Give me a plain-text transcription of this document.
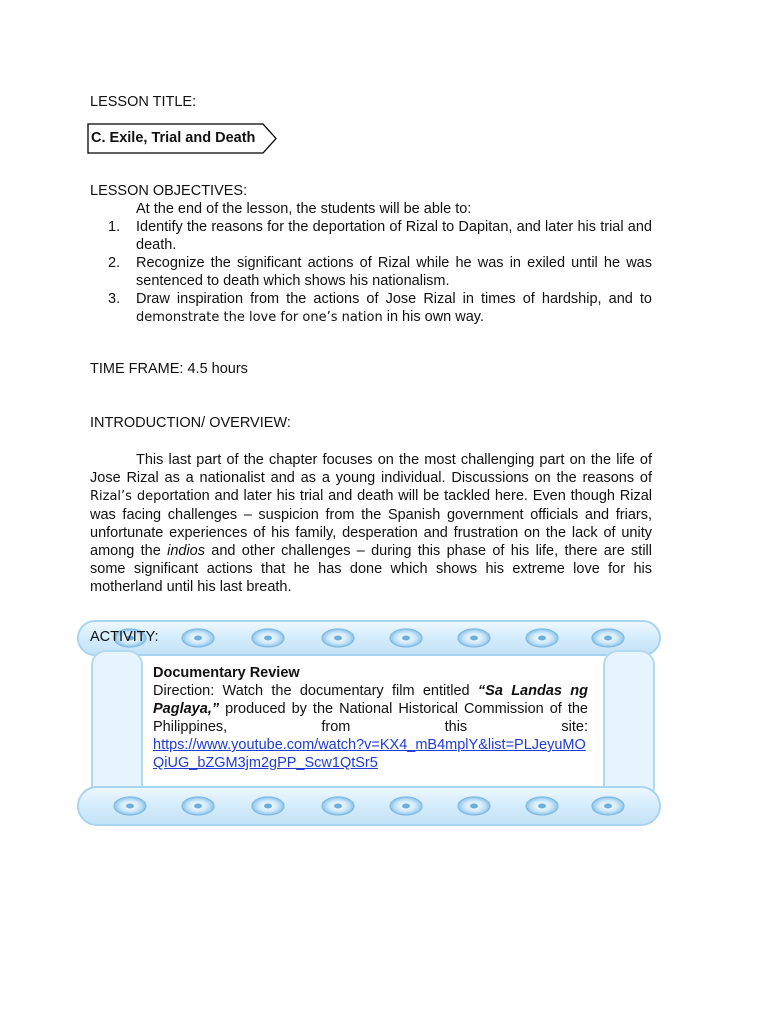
LESSON TITLE:
C. Exile, Trial and Death
LESSON OBJECTIVES:
At the end of the lesson, the students will be able to:
1. Identify the reasons for the deportation of Rizal to Dapitan, and later his trial and death.
2. Recognize the significant actions of Rizal while he was in exiled until he was sentenced to death which shows his nationalism.
3. Draw inspiration from the actions of Jose Rizal in times of hardship, and to demonstrate the love for one’s nation in his own way.
TIME FRAME: 4.5 hours
INTRODUCTION/ OVERVIEW:

This last part of the chapter focuses on the most challenging part on the life of Jose Rizal as a nationalist and as a young individual. Discussions on the reasons of Rizal’s deportation and later his trial and death will be tackled here. Even though Rizal was facing challenges – suspicion from the Spanish government officials and friars, unfortunate experiences of his family, desperation and frustration on the lack of unity among the indios and other challenges – during this phase of his life, there are still some significant actions that he has done which shows his extreme love for his motherland until his last breath.

ACTIVITY:
Documentary Review

Direction: Watch the documentary film entitled “Sa Landas ng Paglaya,” produced by the National Historical Commission of the Philippines, from this site:

https://www.youtube.com/watch?v=KX4_mB4mplY&list=PLJeyuMOQiUG_bZGM3jm2gPP_Scw1QtSr5
